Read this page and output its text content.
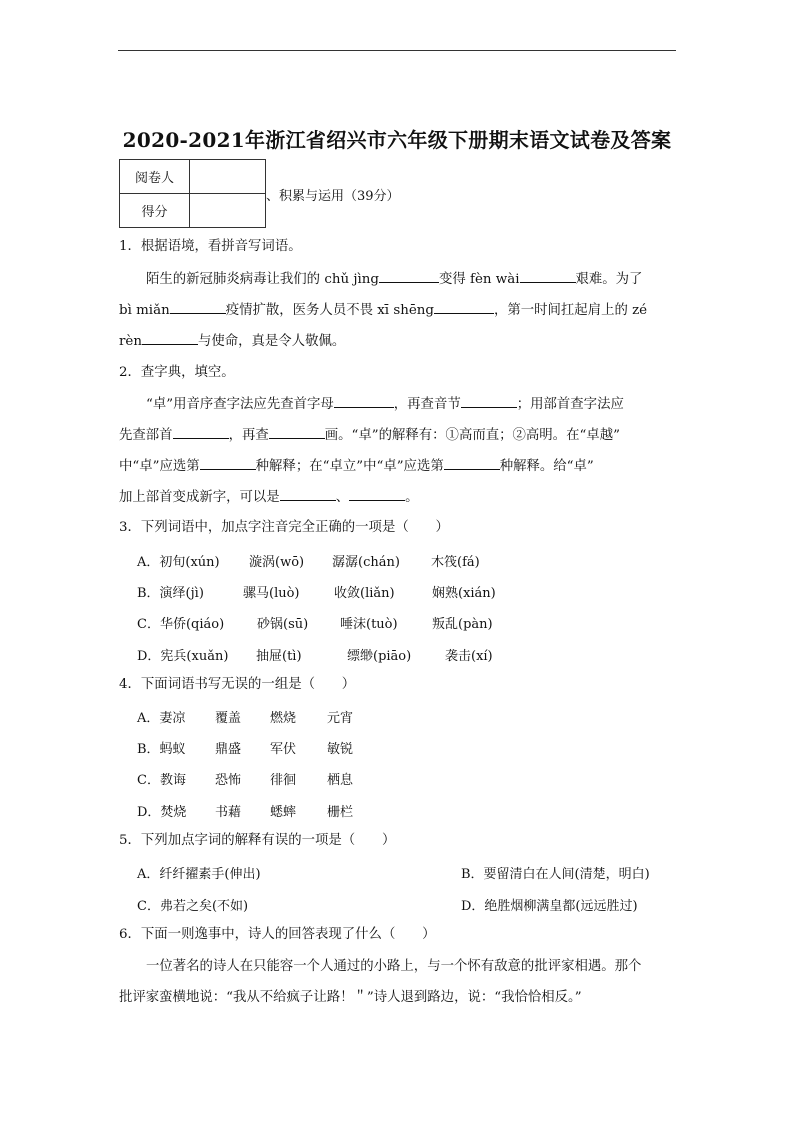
2020-2021年浙江省绍兴市六年级下册期末语文试卷及答案
阅卷人	
得分	
、积累与运用（39分）
1．根据语境，看拼音写词语。
陌生的新冠肺炎病毒让我们的 chǔ jìng	变得 fèn wài	艰难。为了
bì miǎn	疫情扩散，医务人员不畏 xī shēng	，第一时间扛起肩上的 zé
rèn	与使命，真是令人敬佩。
2．查字典，填空。
“卓”用音序查字法应先查首字母	，再查音节	；用部首查字法应
先查部首	，再查	画。“卓”的解释有：①高而直；②高明。在“卓越”
中“卓”应选第	种解释；在“卓立”中“卓”应选第	种解释。给“卓”
加上部首变成新字，可以是	、	。
3．下列词语中，加点字注音完全正确的一项是（　　）
A．初旬(xún) 漩涡(wō) 潺潺(chán) 木筏(fá)
B．演绎(jì)	骡马(luò)	收敛(liǎn)	娴熟(xián)
C．华侨(qiáo)	砂锅(sū) 唾沫(tuò)	叛乱(pàn)
D．宪兵(xuǎn) 抽屉(tì)	缥缈(piāo)	袭击(xí)
4．下面词语书写无误的一组是（　　）
A．妻凉 覆盖 燃烧 元宵
B．蚂蚁 鼎盛 军伏 敏锐
C．教诲 恐怖 徘徊 栖息
D．焚烧 书藉 蟋蟀 栅栏
5．下列加点字词的解释有误的一项是（　　）
A．纤纤擢素手(伸出)	B．要留清白在人间(清楚，明白)
C．弗若之矣(不如)	D．绝胜烟柳满皇都(远远胜过)
6．下面一则逸事中，诗人的回答表现了什么（　　）
一位著名的诗人在只能容一个人通过的小路上，与一个怀有敌意的批评家相遇。那个
批评家蛮横地说：“我从不给疯子让路！＂”诗人退到路边，说：“我恰恰相反。”
